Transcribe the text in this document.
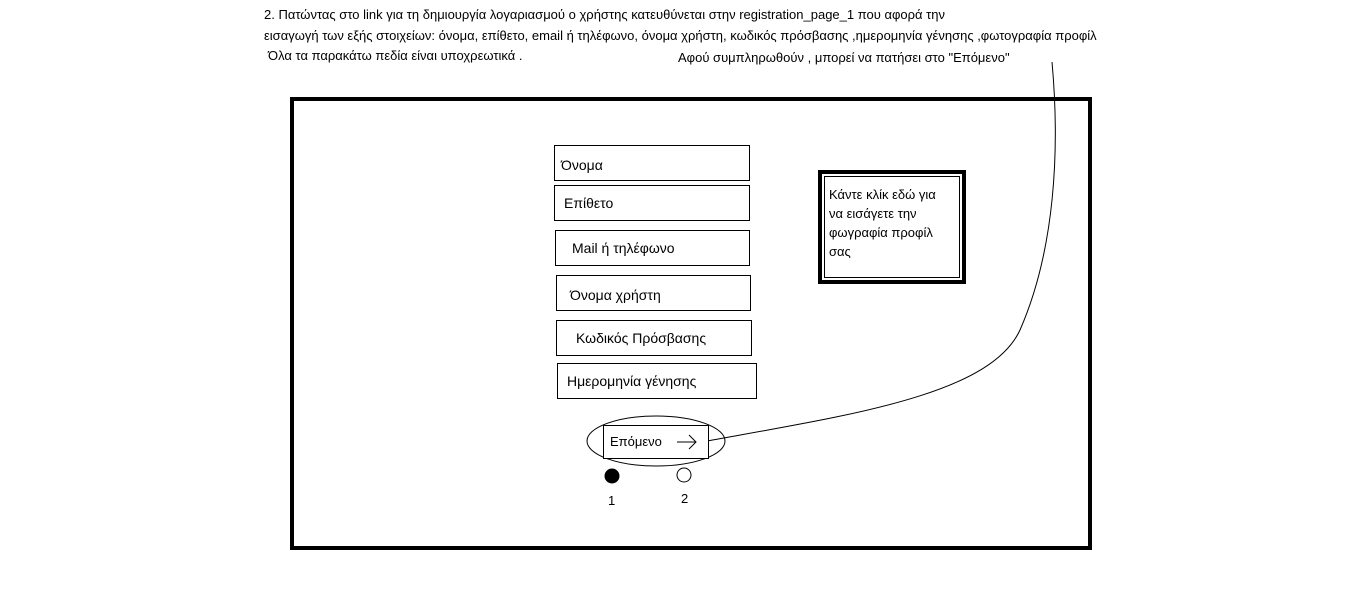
2. Πατώντας στο link για τη δημιουργία λογαριασμού ο χρήστης κατευθύνεται στην registration_page_1 που αφορά την
εισαγωγή των εξής στοιχείων: όνομα, επίθετο, email ή τηλέφωνο, όνομα χρήστη, κωδικός πρόσβασης ,ημερομηνία γένησης ,φωτογραφία προφίλ
Όλα τα παρακάτω πεδία είναι υποχρεωτικά .	Αφού συμπληρωθούν , μπορεί να πατήσει στο "Επόμενο"
Όνομα
Επίθετο
Mail ή τηλέφωνο
Όνομα χρήστη
Κωδικός Πρόσβασης
Ημερομηνία γένησης
Κάντε κλίκ εδώ για
να εισάγετε την
φωγραφία προφίλ
σας
Επόμενο
1	2
